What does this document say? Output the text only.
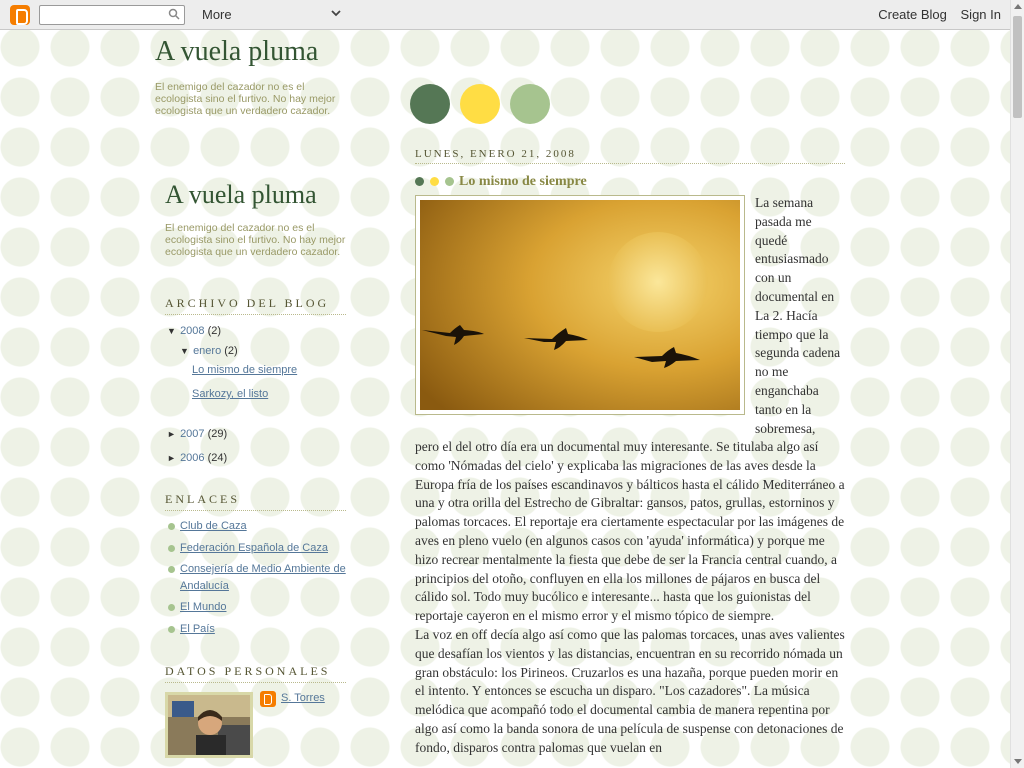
More	Create Blog Sign In
A vuela pluma
El enemigo del cazador no es el ecologista sino el furtivo. No hay mejor ecologista que un verdadero cazador.
A vuela pluma
El enemigo del cazador no es el ecologista sino el furtivo. No hay mejor ecologista que un verdadero cazador.
ARCHIVO DEL BLOG
▼ 2008 (2)
▼ enero (2)
Lo mismo de siempre
Sarkozy, el listo
► 2007 (29)
► 2006 (24)
ENLACES
Club de Caza
Federación Española de Caza
Consejería de Medio Ambiente de Andalucía
El Mundo
El País
DATOS PERSONALES
S. Torres
LUNES, ENERO 21, 2008
Lo mismo de siempre
La semana pasada me quedé entusiasmado con un documental en La 2. Hacía tiempo que la segunda cadena no me enganchaba tanto en la sobremesa,
pero el del otro día era un documental muy interesante. Se titulaba algo así como 'Nómadas del cielo' y explicaba las migraciones de las aves desde la Europa fría de los países escandinavos y bálticos hasta el cálido Mediterráneo a una y otra orilla del Estrecho de Gibraltar: gansos, patos, grullas, estorninos y palomas torcaces. El reportaje era ciertamente espectacular por las imágenes de aves en pleno vuelo (en algunos casos con 'ayuda' informática) y porque me hizo recrear mentalmente la fiesta que debe de ser la Francia central cuando, a principios del otoño, confluyen en ella los millones de pájaros en busca del cálido sol. Todo muy bucólico e interesante... hasta que los guionistas del reportaje cayeron en el mismo error y el mismo tópico de siempre.
La voz en off decía algo así como que las palomas torcaces, unas aves valientes que desafían los vientos y las distancias, encuentran en su recorrido nómada un gran obstáculo: los Pirineos. Cruzarlos es una hazaña, porque pueden morir en el intento. Y entonces se escucha un disparo. "Los cazadores". La música melódica que acompañó todo el documental cambia de manera repentina por algo así como la banda sonora de una película de suspense con detonaciones de fondo, disparos contra palomas que vuelan en
